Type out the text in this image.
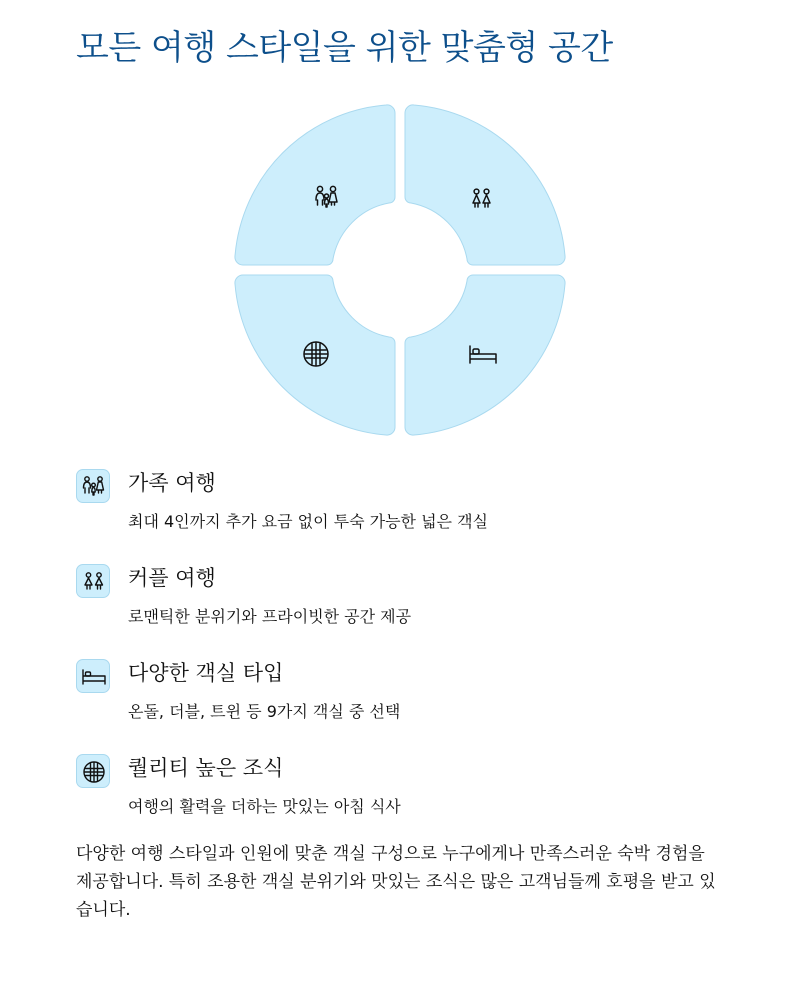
모든 여행 스타일을 위한 맞춤형 공간
가족 여행

최대 4인까지 추가 요금 없이 투숙 가능한 넓은 객실

커플 여행

로맨틱한 분위기와 프라이빗한 공간 제공

다양한 객실 타입

온돌, 더블, 트윈 등 9가지 객실 중 선택

퀄리티 높은 조식

여행의 활력을 더하는 맛있는 아침 식사

다양한 여행 스타일과 인원에 맞춘 객실 구성으로 누구에게나 만족스러운 숙박 경험을 제공합니다. 특히 조용한 객실 분위기와 맛있는 조식은 많은 고객님들께 호평을 받고 있습니다.
